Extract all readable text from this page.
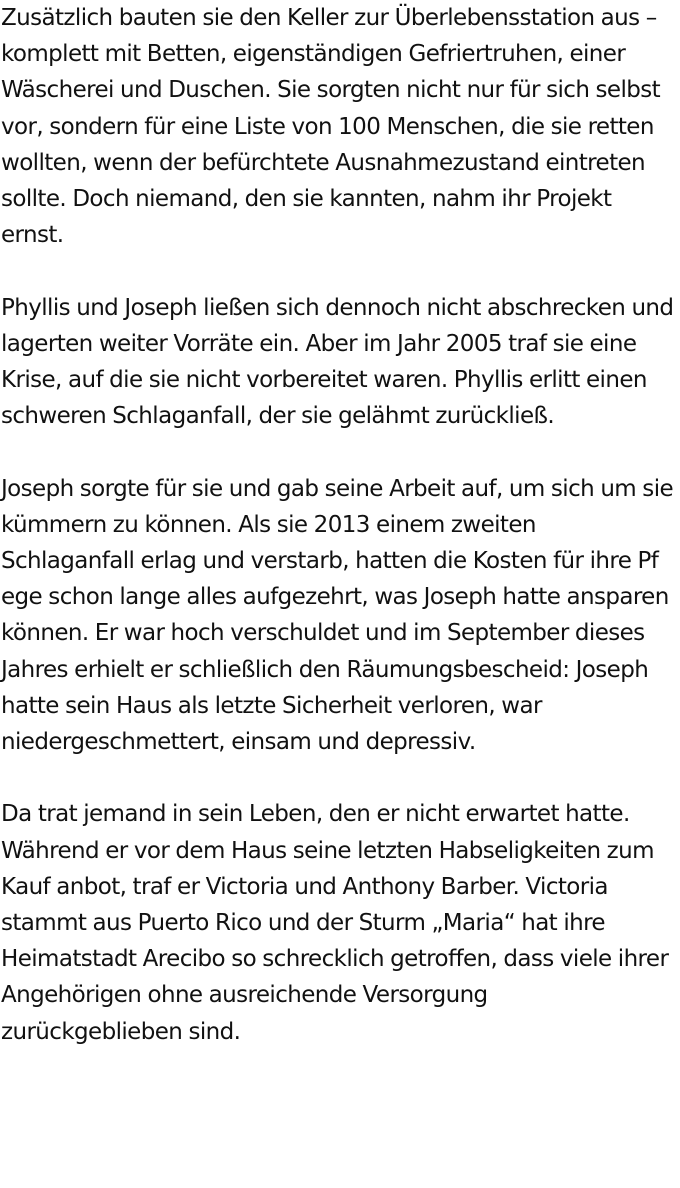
Zusätzlich bauten sie den Keller zur Überlebensstation aus – komplett mit Betten, eigenständigen Gefriertruhen, einer Wäscherei und Duschen. Sie sorgten nicht nur für sich selbst vor, sondern für eine Liste von 100 Menschen, die sie retten wollten, wenn der befürchtete Ausnahmezustand eintreten sollte. Doch niemand, den sie kannten, nahm ihr Projekt ernst.

Phyllis und Joseph ließen sich dennoch nicht abschrecken und lagerten weiter Vorräte ein. Aber im Jahr 2005 traf sie eine Krise, auf die sie nicht vorbereitet waren. Phyllis erlitt einen schweren Schlaganfall, der sie gelähmt zurückließ.

Joseph sorgte für sie und gab seine Arbeit auf, um sich um sie kümmern zu können. Als sie 2013 einem zweiten Schlaganfall erlag und verstarb, hatten die Kosten für ihre Pf ege schon lange alles aufgezehrt, was Joseph hatte ansparen können. Er war hoch verschuldet und im September dieses Jahres erhielt er schließlich den Räumungsbescheid: Joseph hatte sein Haus als letzte Sicherheit verloren, war niedergeschmettert, einsam und depressiv.

Da trat jemand in sein Leben, den er nicht erwartet hatte. Während er vor dem Haus seine letzten Habseligkeiten zum Kauf anbot, traf er Victoria und Anthony Barber. Victoria stammt aus Puerto Rico und der Sturm „Maria“ hat ihre Heimatstadt Arecibo so schrecklich getroffen, dass viele ihrer Angehörigen ohne ausreichende Versorgung zurückgeblieben sind.
